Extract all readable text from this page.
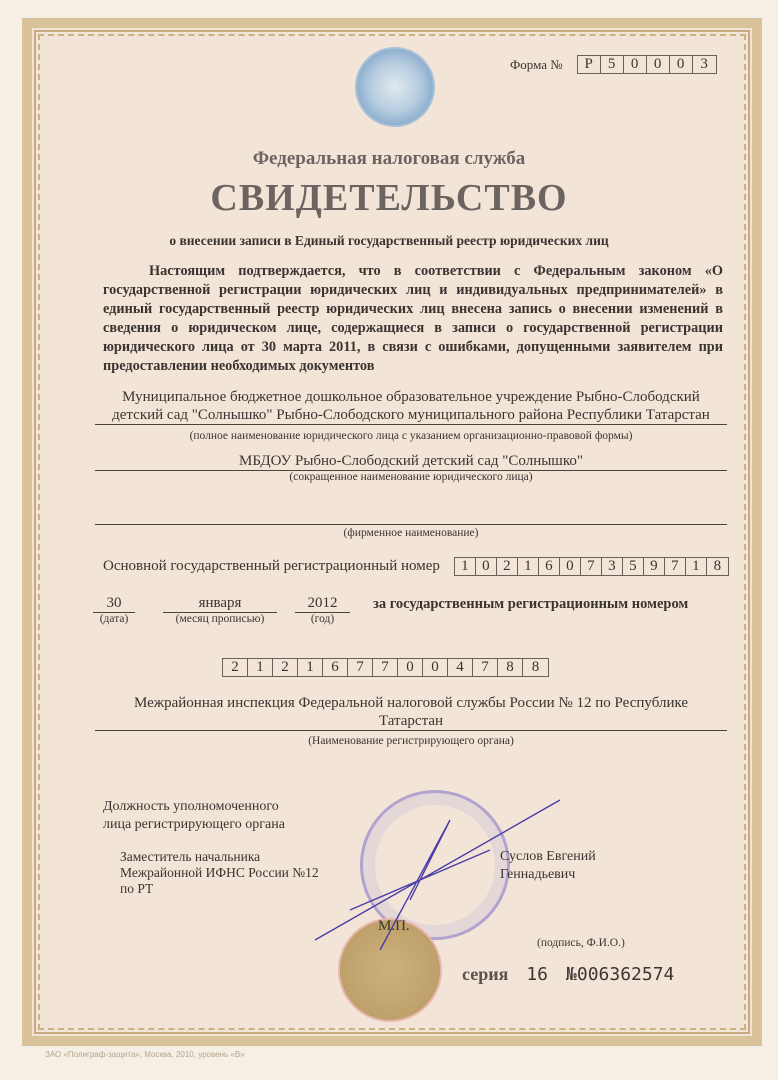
Форма №	Р	5	0	0	0	3
Федеральная налоговая служба
СВИДЕТЕЛЬСТВО
о внесении записи в Единый государственный реестр юридических лиц
Настоящим подтверждается, что в соответствии с Федеральным законом «О государственной регистрации юридических лиц и индивидуальных предпринимателей» в единый государственный реестр юридических лиц внесена запись о внесении изменений в сведения о юридическом лице, содержащиеся в записи о государственной регистрации юридического лица от 30 марта 2011, в связи с ошибками, допущенными заявителем при предоставлении необходимых документов
Муниципальное бюджетное дошкольное образовательное учреждение Рыбно-Слободский
детский сад "Солнышко" Рыбно-Слободского муниципального района Республики Татарстан
(полное наименование юридического лица с указанием организационно-правовой формы)
МБДОУ Рыбно-Слободский детский сад "Солнышко"
(сокращенное наименование юридического лица)
(фирменное наименование)
Основной государственный регистрационный номер	1 0 2 1 6 0 7 3 5 9 7 1 8
30
(дата)
января
(месяц прописью)
2012
(год)
за государственным регистрационным номером
2	1	2	1	6	7	7	0	0	4	7	8	8
Межрайонная инспекция Федеральной налоговой службы России № 12 по Республике
Татарстан
(Наименование регистрирующего органа)
Должность уполномоченного
лица регистрирующего органа
Заместитель начальника
Межрайонной ИФНС России №12
по РТ
М.П.
Суслов Евгений
Геннадьевич
(подпись, Ф.И.О.)
серия 16 №006362574
ЗАО «Полиграф-защита», Москва, 2010, уровень «В»
